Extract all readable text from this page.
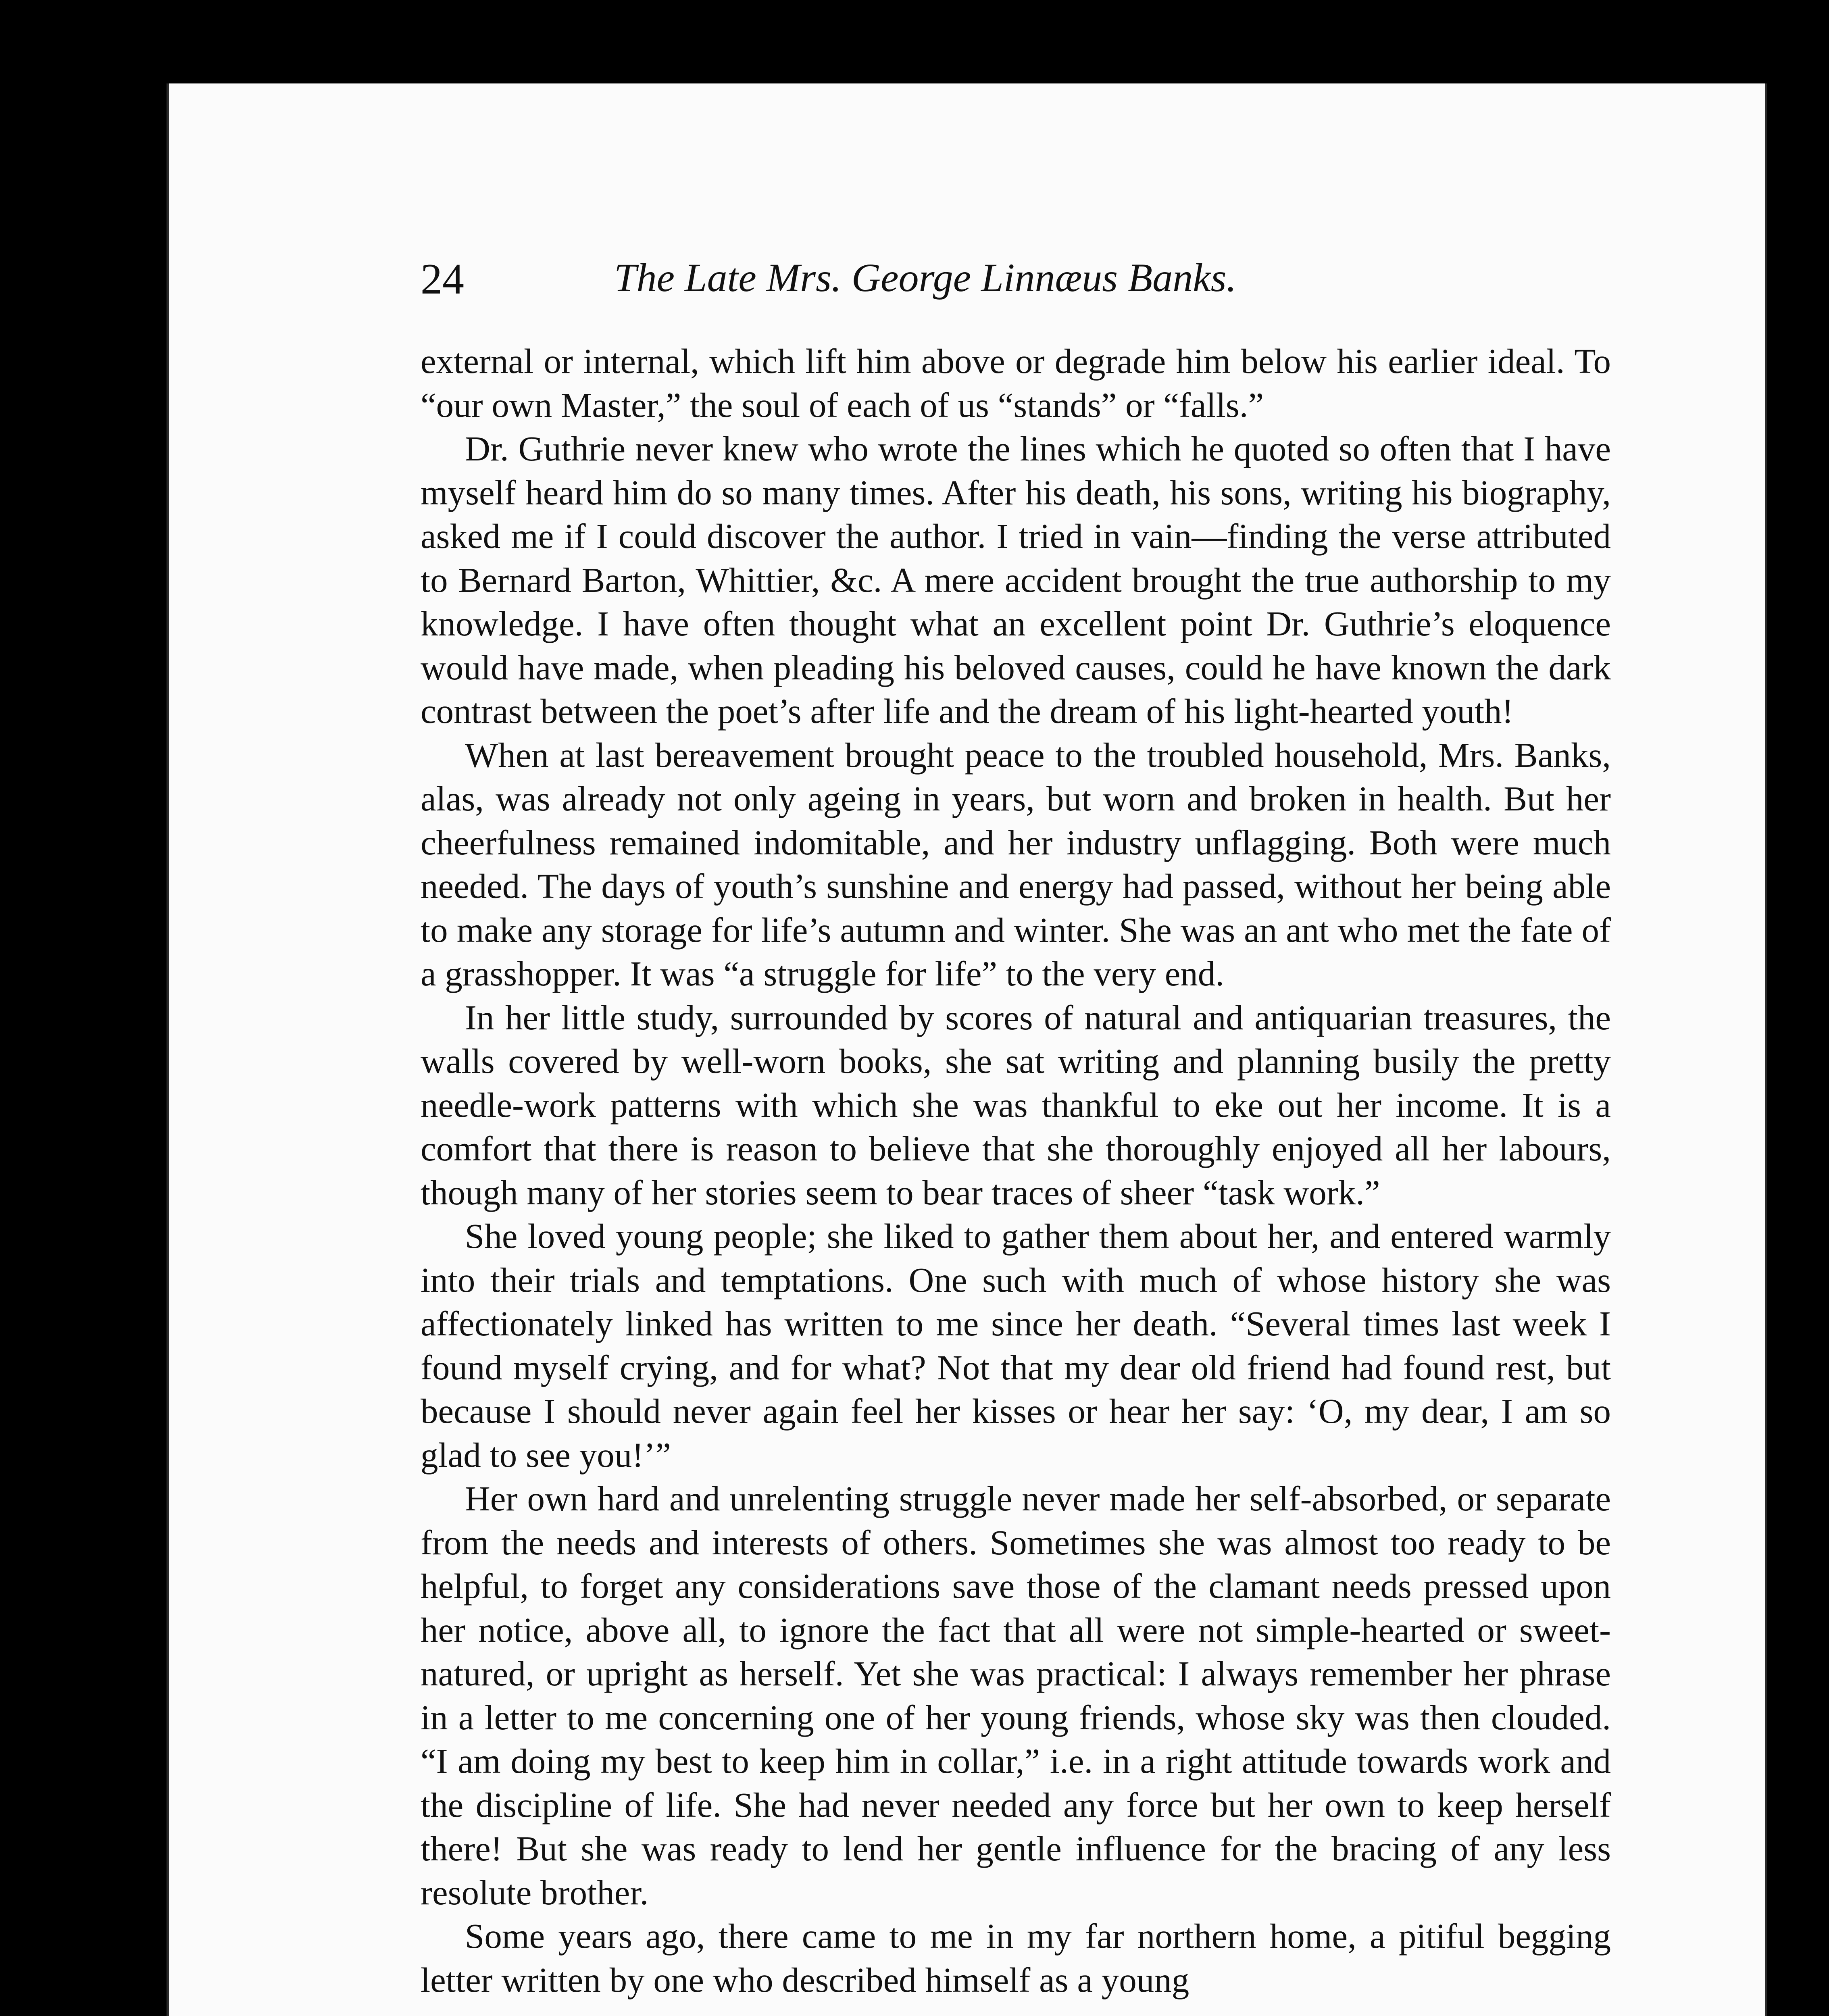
24	The Late Mrs. George Linnæus Banks.

external or internal, which lift him above or degrade him below his earlier ideal. To “our own Master,” the soul of each of us “stands” or “falls.”

Dr. Guthrie never knew who wrote the lines which he quoted so often that I have myself heard him do so many times. After his death, his sons, writing his biography, asked me if I could discover the author. I tried in vain—finding the verse attributed to Bernard Barton, Whittier, &c. A mere accident brought the true authorship to my knowledge. I have often thought what an excellent point Dr. Guthrie’s eloquence would have made, when pleading his beloved causes, could he have known the dark contrast between the poet’s after life and the dream of his light-hearted youth!

When at last bereavement brought peace to the troubled household, Mrs. Banks, alas, was already not only ageing in years, but worn and broken in health. But her cheerfulness remained indomitable, and her industry unflagging. Both were much needed. The days of youth’s sunshine and energy had passed, without her being able to make any storage for life’s autumn and winter. She was an ant who met the fate of a grasshopper. It was “a struggle for life” to the very end.

In her little study, surrounded by scores of natural and antiquarian treasures, the walls covered by well-worn books, she sat writing and planning busily the pretty needle-work patterns with which she was thankful to eke out her income. It is a comfort that there is reason to believe that she thoroughly enjoyed all her labours, though many of her stories seem to bear traces of sheer “task work.”

She loved young people; she liked to gather them about her, and entered warmly into their trials and temptations. One such with much of whose history she was affectionately linked has written to me since her death. “Several times last week I found myself crying, and for what? Not that my dear old friend had found rest, but because I should never again feel her kisses or hear her say: ‘O, my dear, I am so glad to see you!’”

Her own hard and unrelenting struggle never made her self-absorbed, or separate from the needs and interests of others. Sometimes she was almost too ready to be helpful, to forget any considerations save those of the clamant needs pressed upon her notice, above all, to ignore the fact that all were not simple-hearted or sweet-natured, or upright as herself. Yet she was practical: I always remember her phrase in a letter to me concerning one of her young friends, whose sky was then clouded. “I am doing my best to keep him in collar,” i.e. in a right attitude towards work and the discipline of life. She had never needed any force but her own to keep herself there! But she was ready to lend her gentle influence for the bracing of any less resolute brother.

Some years ago, there came to me in my far northern home, a pitiful begging letter written by one who described himself as a young
